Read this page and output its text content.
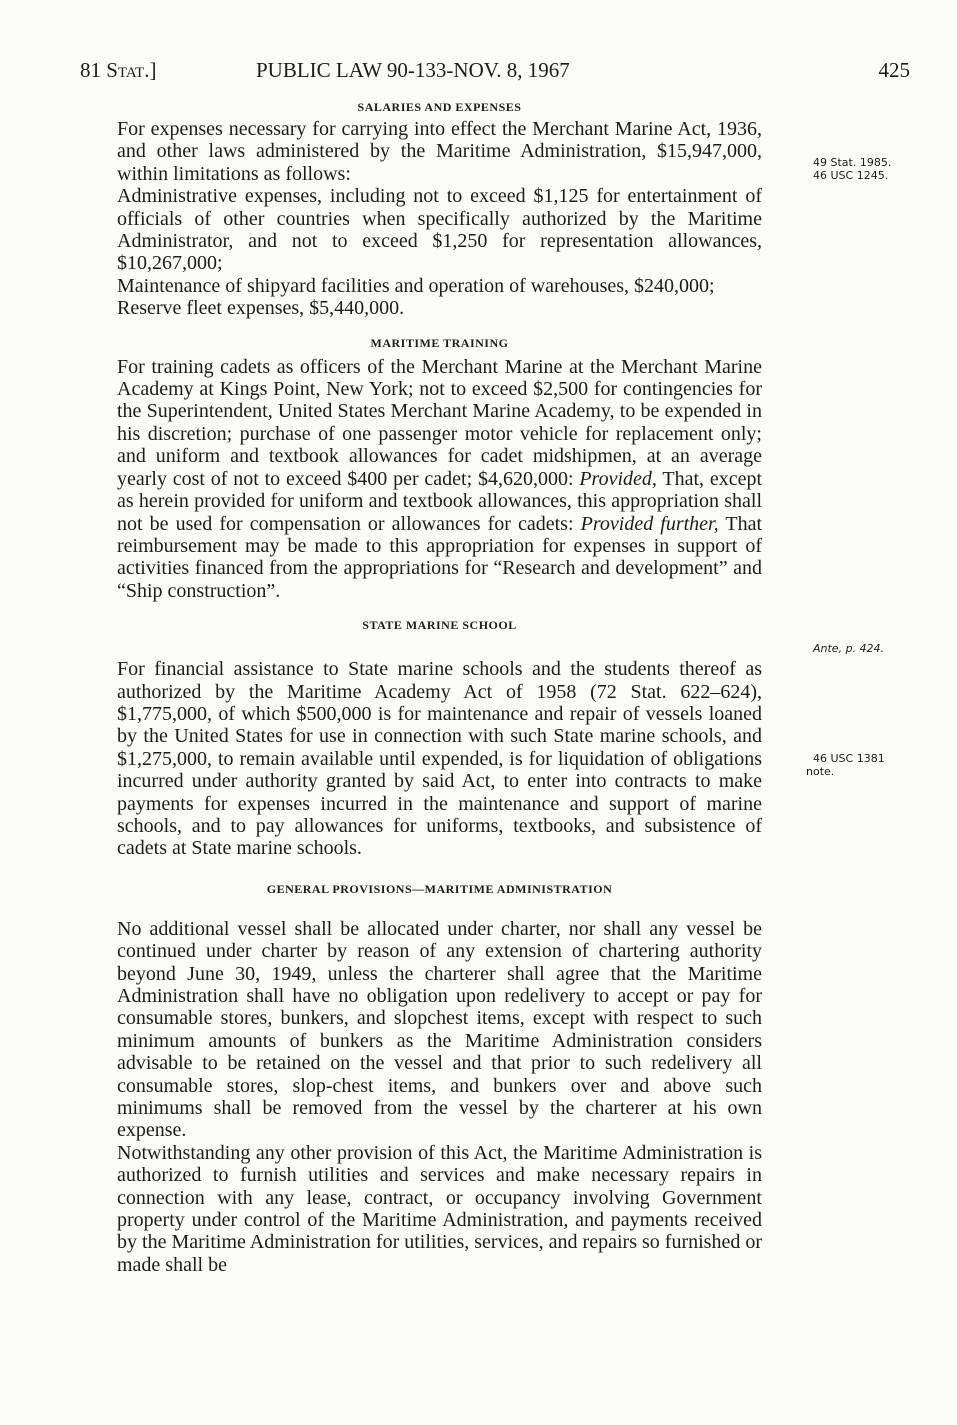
81 Stat.]	PUBLIC LAW 90-133-NOV. 8, 1967	425
SALARIES AND EXPENSES

For expenses necessary for carrying into effect the Merchant Marine Act, 1936, and other laws administered by the Maritime Administration, $15,947,000, within limitations as follows:

Administrative expenses, including not to exceed $1,125 for entertainment of officials of other countries when specifically authorized by the Maritime Administrator, and not to exceed $1,250 for representation allowances, $10,267,000;

Maintenance of shipyard facilities and operation of warehouses, $240,000;

Reserve fleet expenses, $5,440,000.

MARITIME TRAINING

For training cadets as officers of the Merchant Marine at the Merchant Marine Academy at Kings Point, New York; not to exceed $2,500 for contingencies for the Superintendent, United States Merchant Marine Academy, to be expended in his discretion; purchase of one passenger motor vehicle for replacement only; and uniform and textbook allowances for cadet midshipmen, at an average yearly cost of not to exceed $400 per cadet; $4,620,000: Provided, That, except as herein provided for uniform and textbook allowances, this appropriation shall not be used for compensation or allowances for cadets: Provided further, That reimbursement may be made to this appropriation for expenses in support of activities financed from the appropriations for “Research and development” and “Ship construction”.

STATE MARINE SCHOOL

For financial assistance to State marine schools and the students thereof as authorized by the Maritime Academy Act of 1958 (72 Stat. 622–624), $1,775,000, of which $500,000 is for maintenance and repair of vessels loaned by the United States for use in connection with such State marine schools, and $1,275,000, to remain available until expended, is for liquidation of obligations incurred under authority granted by said Act, to enter into contracts to make payments for expenses incurred in the maintenance and support of marine schools, and to pay allowances for uniforms, textbooks, and subsistence of cadets at State marine schools.

GENERAL PROVISIONS—MARITIME ADMINISTRATION

No additional vessel shall be allocated under charter, nor shall any vessel be continued under charter by reason of any extension of chartering authority beyond June 30, 1949, unless the charterer shall agree that the Maritime Administration shall have no obligation upon redelivery to accept or pay for consumable stores, bunkers, and slopchest items, except with respect to such minimum amounts of bunkers as the Maritime Administration considers advisable to be retained on the vessel and that prior to such redelivery all consumable stores, slop-chest items, and bunkers over and above such minimums shall be removed from the vessel by the charterer at his own expense.

Notwithstanding any other provision of this Act, the Maritime Administration is authorized to furnish utilities and services and make necessary repairs in connection with any lease, contract, or occupancy involving Government property under control of the Maritime Administration, and payments received by the Maritime Administration for utilities, services, and repairs so furnished or made shall be

49 Stat. 1985.
46 USC 1245.
Ante, p. 424.
46 USC 1381
note.
